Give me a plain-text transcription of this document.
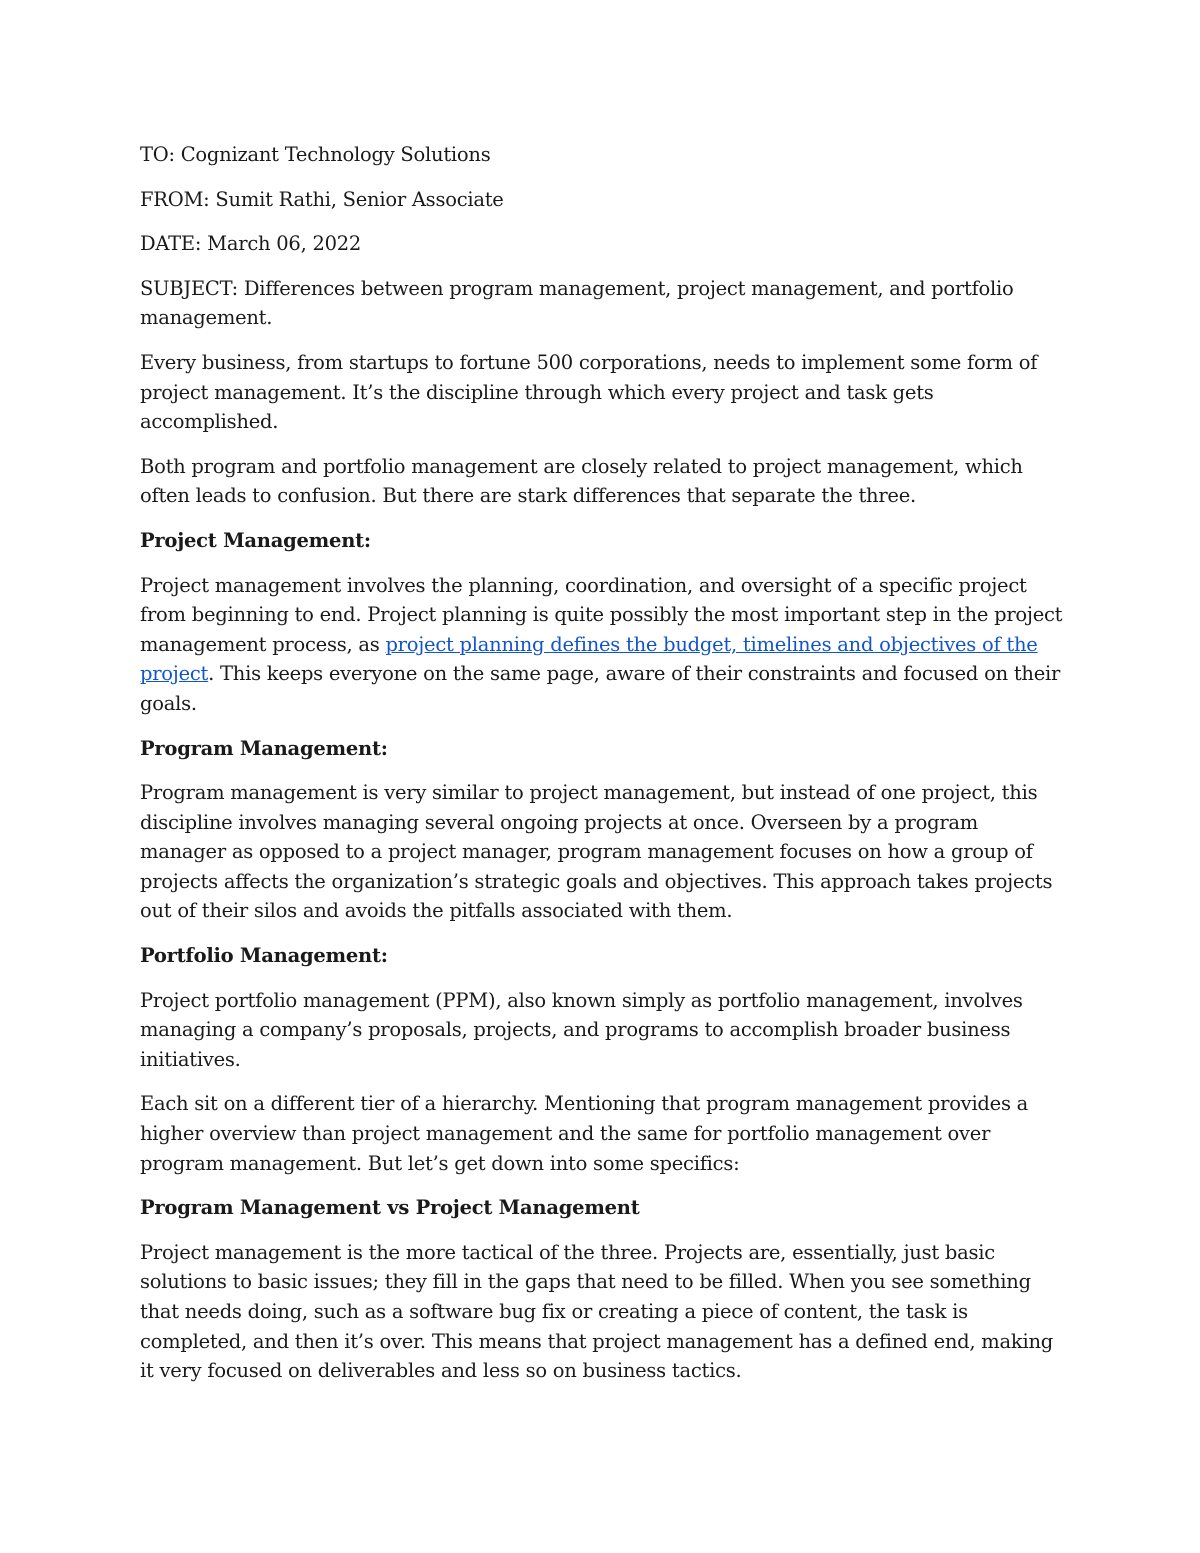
TO: Cognizant Technology Solutions

FROM: Sumit Rathi, Senior Associate

DATE: March 06, 2022

SUBJECT: Differences between program management, project management, and portfolio management.

Every business, from startups to fortune 500 corporations, needs to implement some form of project management. It’s the discipline through which every project and task gets accomplished.

Both program and portfolio management are closely related to project management, which often leads to confusion. But there are stark differences that separate the three.

Project Management:

Project management involves the planning, coordination, and oversight of a specific project from beginning to end. Project planning is quite possibly the most important step in the project management process, as project planning defines the budget, timelines and objectives of the project. This keeps everyone on the same page, aware of their constraints and focused on their goals.

Program Management:

Program management is very similar to project management, but instead of one project, this discipline involves managing several ongoing projects at once. Overseen by a program manager as opposed to a project manager, program management focuses on how a group of projects affects the organization’s strategic goals and objectives. This approach takes projects out of their silos and avoids the pitfalls associated with them.

Portfolio Management:

Project portfolio management (PPM), also known simply as portfolio management, involves managing a company’s proposals, projects, and programs to accomplish broader business initiatives.

Each sit on a different tier of a hierarchy. Mentioning that program management provides a higher overview than project management and the same for portfolio management over program management. But let’s get down into some specifics:

Program Management vs Project Management

Project management is the more tactical of the three. Projects are, essentially, just basic solutions to basic issues; they fill in the gaps that need to be filled. When you see something that needs doing, such as a software bug fix or creating a piece of content, the task is completed, and then it’s over. This means that project management has a defined end, making it very focused on deliverables and less so on business tactics.
